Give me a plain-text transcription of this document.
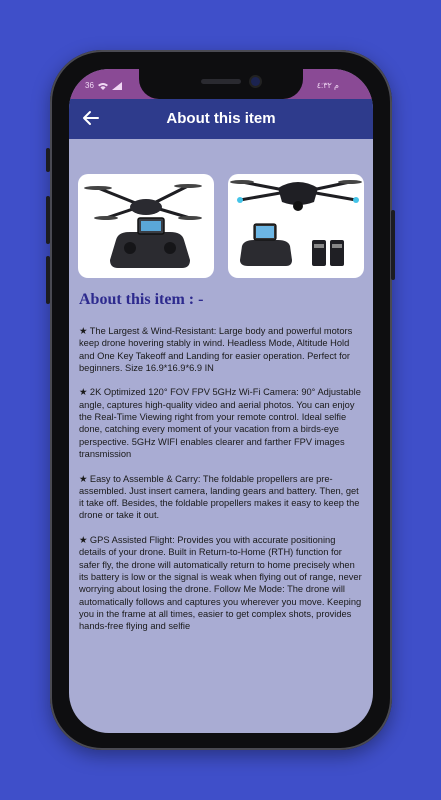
36	م ٤:٣٢
About this item
About this item : -

★ The Largest & Wind-Resistant: Large body and powerful motors keep drone hovering stably in wind. Headless Mode, Altitude Hold and One Key Takeoff and Landing for easier operation. Perfect for beginners. Size 16.9*16.9*6.9 IN

★ 2K Optimized 120° FOV FPV 5GHz Wi-Fi Camera: 90° Adjustable angle, captures high-quality video and aerial photos. You can enjoy the Real-Time Viewing right from your remote control. Ideal selfie done, catching every moment of your vacation from a birds-eye perspective. 5GHz WIFI enables clearer and farther FPV images transmission

★ Easy to Assemble & Carry: The foldable propellers are pre-assembled. Just insert camera, landing gears and battery. Then, get it take off. Besides, the foldable propellers makes it easy to keep the drone or take it out.

★ GPS Assisted Flight: Provides you with accurate positioning details of your drone. Built in Return-to-Home (RTH) function for safer fly, the drone will automatically return to home precisely when its battery is low or the signal is weak when flying out of range, never worrying about losing the drone. Follow Me Mode: The drone will automatically follows and captures you wherever you move. Keeping you in the frame at all times, easier to get complex shots, provides hands-free flying and selfie
